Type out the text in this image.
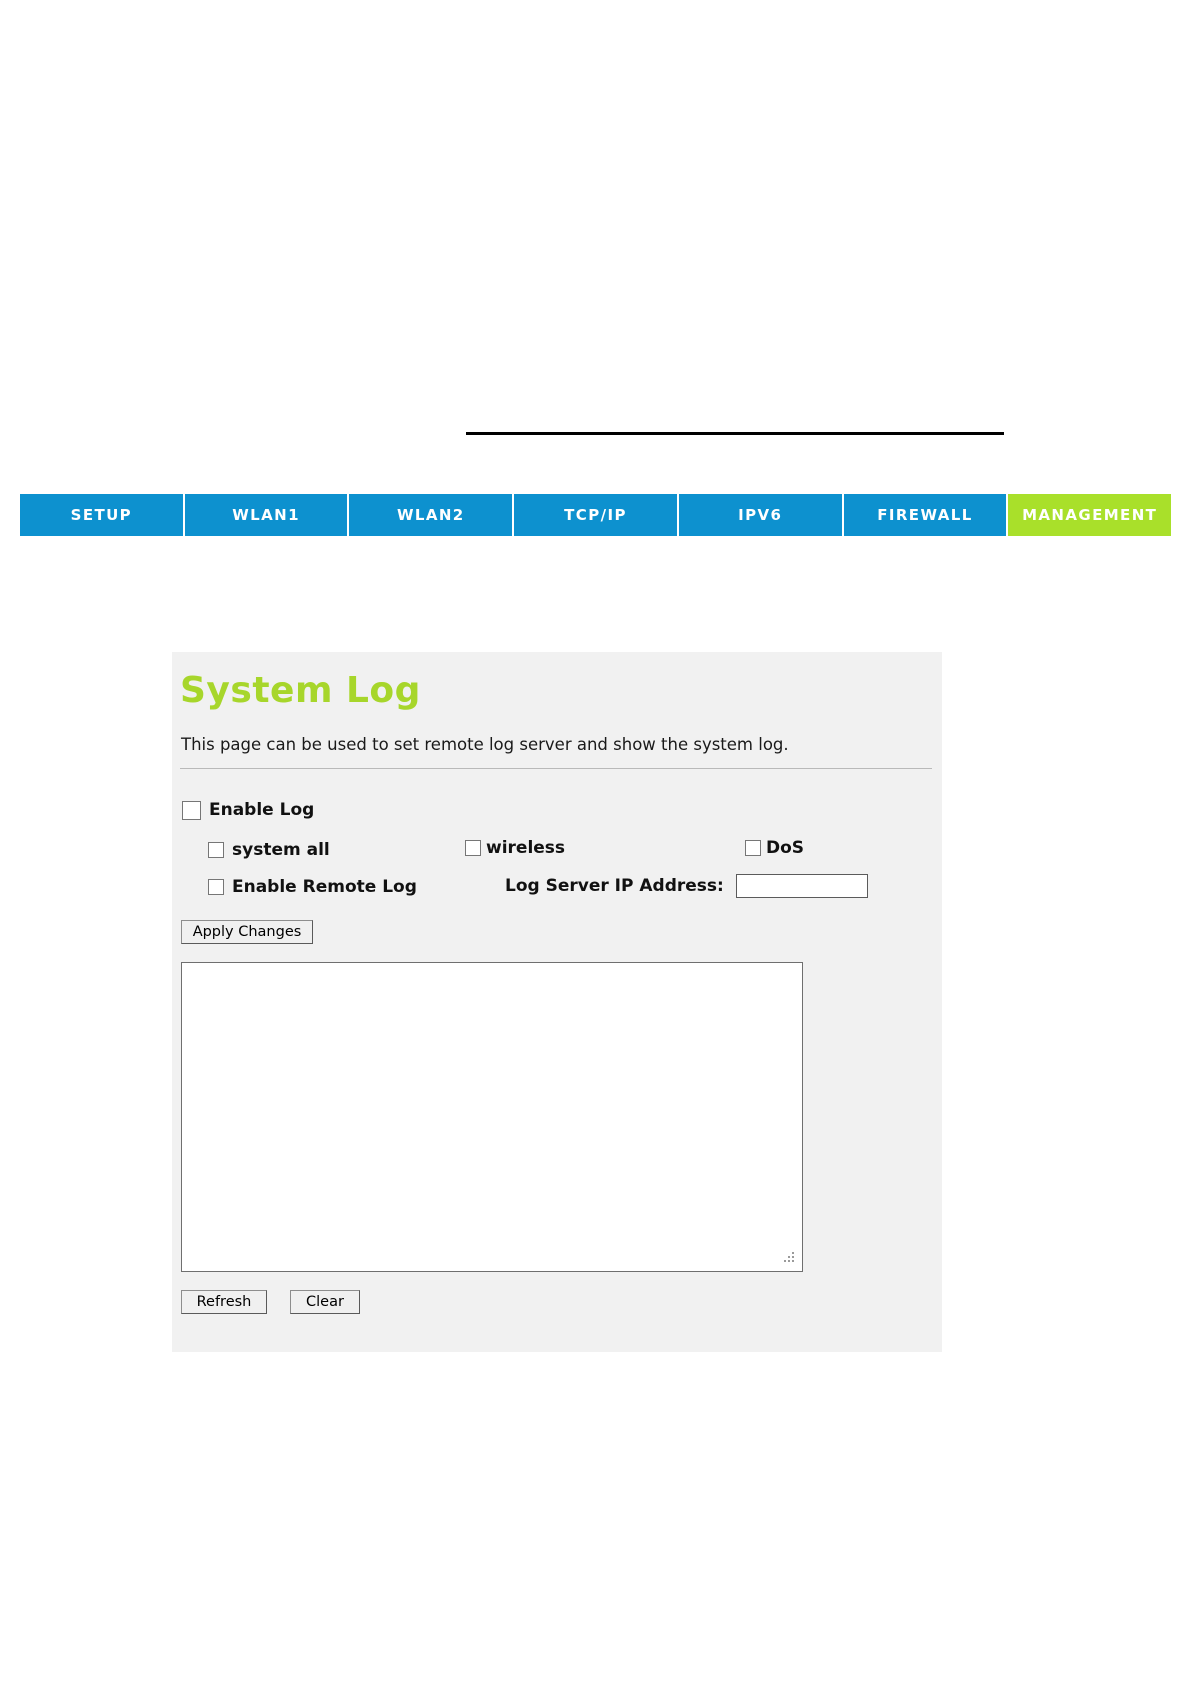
SETUP	WLAN1	WLAN2	TCP/IP	IPV6	FIREWALL	MANAGEMENT
System Log
This page can be used to set remote log server and show the system log.
Enable Log
system all	wireless	DoS
Enable Remote Log	Log Server IP Address:
Apply Changes
Refresh	Clear
